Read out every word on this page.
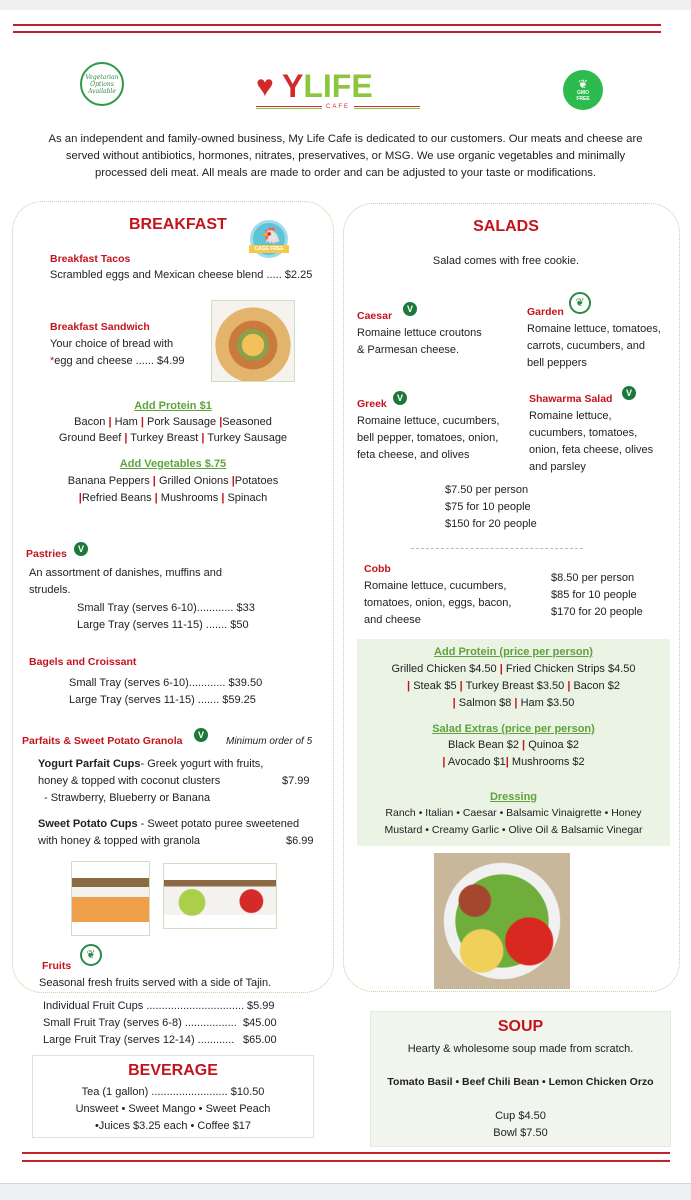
Vegetarian
Options
Available	♥ YLIFE
CAFE
❦
GMO
FREE
As an independent and family-owned business, My Life Cafe is dedicated to our customers. Our meats and cheese are served without antibiotics, hormones, nitrates, preservatives, or MSG. We use organic vegetables and minimally processed deli meat. All meals are made to order and can be adjusted to your taste or modifications.
BREAKFAST
🐔
CAGE FREE
Breakfast Tacos
Scrambled eggs and Mexican cheese blend ..... $2.25
Breakfast Sandwich
Your choice of bread with
*egg and cheese ...... $4.99
Add Protein $1
Bacon | Ham | Pork Sausage |Seasoned
Ground Beef | Turkey Breast | Turkey Sausage
Add Vegetables $.75
Banana Peppers | Grilled Onions |Potatoes
|Refried Beans | Mushrooms | Spinach
Pastries	V
An assortment of danishes, muffins and
strudels.
Small Tray (serves 6-10)............ $33
Large Tray (serves 11-15) ....... $50
Bagels and Croissant
Small Tray (serves 6-10)............ $39.50
Large Tray (serves 11-15) ....... $59.25
Parfaits & Sweet Potato Granola	V
Minimum order of 5
Yogurt Parfait Cups- Greek yogurt with fruits,
honey & topped with coconut clusters	$7.99
- Strawberry, Blueberry or Banana
Sweet Potato Cups - Sweet potato puree sweetened
with honey & topped with granola	$6.99
Fruits
❦
Seasonal fresh fruits served with a side of Tajin.
Individual Fruit Cups ................................ $5.99
Small Fruit Tray (serves 6-8) ................. $45.00
Large Fruit Tray (serves 12-14) ............ $65.00
BEVERAGE
Tea (1 gallon) ......................... $10.50
Unsweet • Sweet Mango • Sweet Peach
•Juices $3.25 each • Coffee $17
SALADS
Salad comes with free cookie.
Caesar
V
Romaine lettuce croutons
& Parmesan cheese.
Garden
❦
Romaine lettuce, tomatoes,
carrots, cucumbers, and
bell peppers
Greek	V
Romaine lettuce, cucumbers,
bell pepper, tomatoes, onion,
feta cheese, and olives
Shawarma Salad	V
Romaine lettuce,
cucumbers, tomatoes,
onion, feta cheese, olives
and parsley
$7.50 per person
$75 for 10 people
$150 for 20 people
Cobb
Romaine lettuce, cucumbers,
tomatoes, onion, eggs, bacon,
and cheese
$8.50 per person
$85 for 10 people
$170 for 20 people
Add Protein (price per person)
Grilled Chicken $4.50 | Fried Chicken Strips $4.50
| Steak $5 | Turkey Breast $3.50 | Bacon $2
| Salmon $8 | Ham $3.50
Salad Extras (price per person)
Black Bean $2 | Quinoa $2
| Avocado $1| Mushrooms $2
Dressing
Ranch • Italian • Caesar • Balsamic Vinaigrette • Honey
Mustard • Creamy Garlic • Olive Oil & Balsamic Vinegar
SOUP
Hearty & wholesome soup made from scratch.
Tomato Basil • Beef Chili Bean • Lemon Chicken Orzo
Cup $4.50
Bowl $7.50
